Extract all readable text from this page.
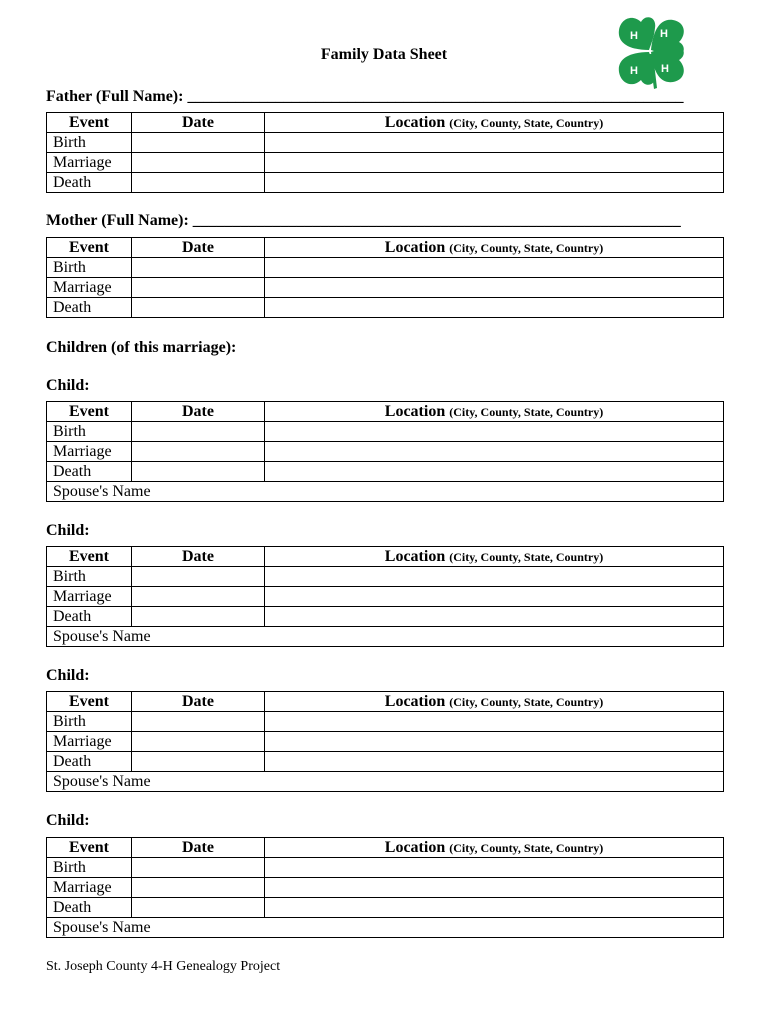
Family Data Sheet
H H
H H
Father (Full Name): ______________________________________________________________
Event	Date	Location (City, County, State, Country)
Birth		
Marriage		
Death		
Mother (Full Name): _____________________________________________________________
Event	Date	Location (City, County, State, Country)
Birth		
Marriage		
Death		
Children (of this marriage):
Child:
Event	Date	Location (City, County, State, Country)
Birth		
Marriage		
Death		
Spouse's Name		
Child:
Event	Date	Location (City, County, State, Country)
Birth		
Marriage		
Death		
Spouse's Name		
Child:
Event	Date	Location (City, County, State, Country)
Birth		
Marriage		
Death		
Spouse's Name		
Child:
Event	Date	Location (City, County, State, Country)
Birth		
Marriage		
Death		
Spouse's Name		
St. Joseph County 4-H Genealogy Project
